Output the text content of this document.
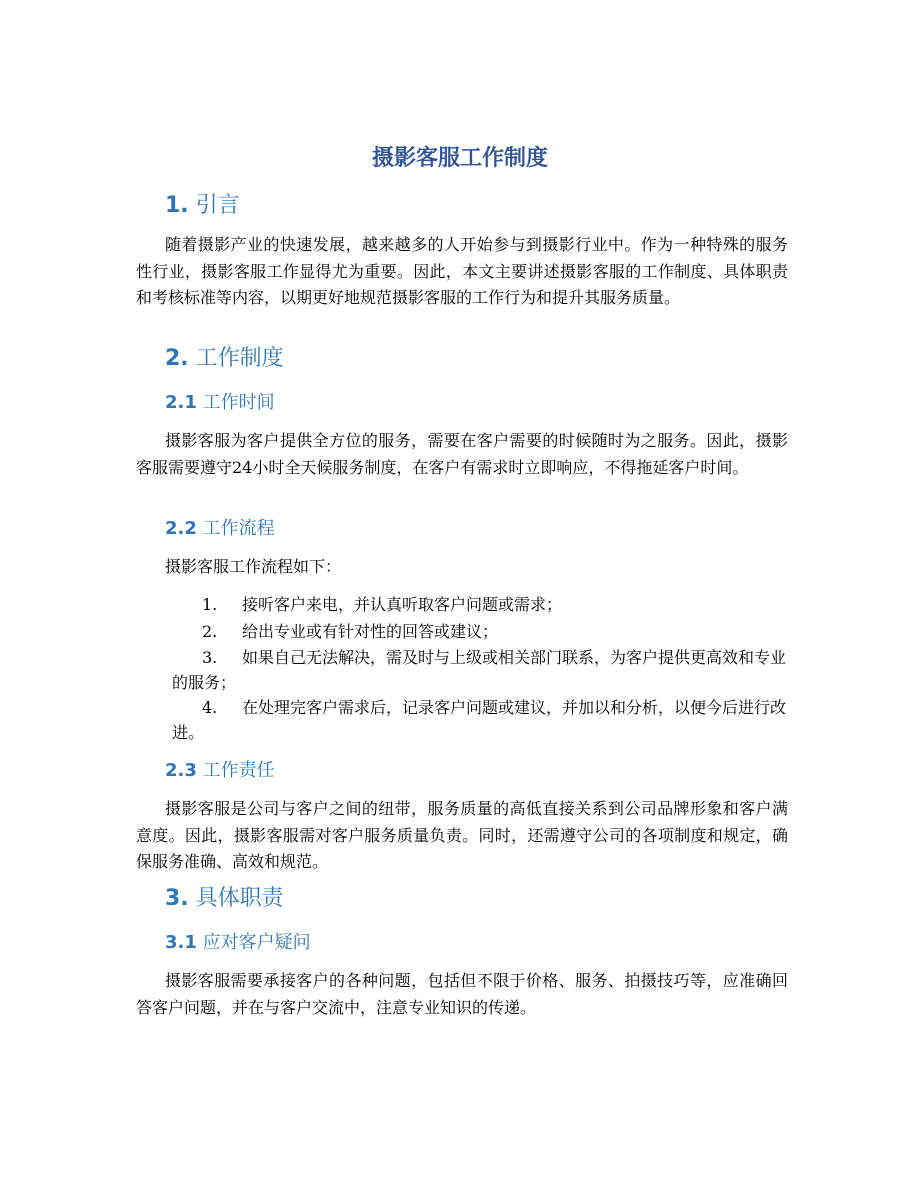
摄影客服工作制度
1. 引言

随着摄影产业的快速发展，越来越多的人开始参与到摄影行业中。作为一种特殊的服务性行业，摄影客服工作显得尤为重要。因此，本文主要讲述摄影客服的工作制度、具体职责和考核标准等内容，以期更好地规范摄影客服的工作行为和提升其服务质量。

2. 工作制度
2.1 工作时间

摄影客服为客户提供全方位的服务，需要在客户需要的时候随时为之服务。因此，摄影客服需要遵守24小时全天候服务制度，在客户有需求时立即响应，不得拖延客户时间。

2.2 工作流程

摄影客服工作流程如下：

1. 接听客户来电，并认真听取客户问题或需求；

2. 给出专业或有针对性的回答或建议；

3. 如果自己无法解决，需及时与上级或相关部门联系，为客户提供更高效和专业的服务；

4. 在处理完客户需求后，记录客户问题或建议，并加以和分析，以便今后进行改进。

2.3 工作责任

摄影客服是公司与客户之间的纽带，服务质量的高低直接关系到公司品牌形象和客户满意度。因此，摄影客服需对客户服务质量负责。同时，还需遵守公司的各项制度和规定，确保服务准确、高效和规范。

3. 具体职责
3.1 应对客户疑问

摄影客服需要承接客户的各种问题，包括但不限于价格、服务、拍摄技巧等，应准确回答客户问题，并在与客户交流中，注意专业知识的传递。
